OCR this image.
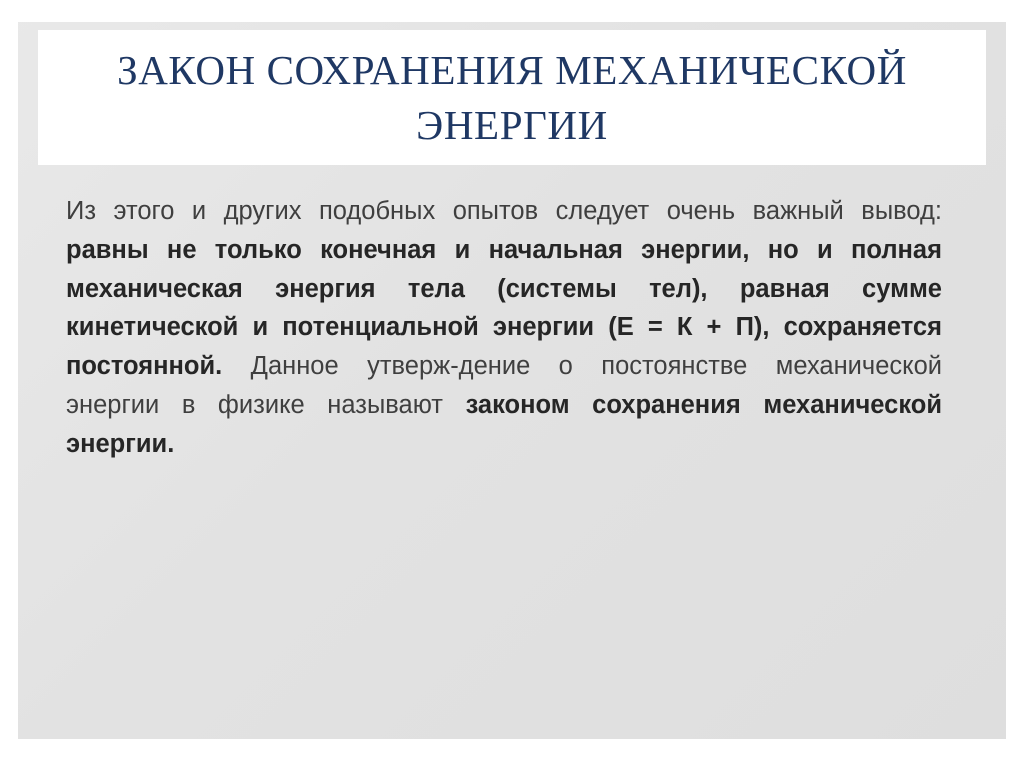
ЗАКОН СОХРАНЕНИЯ МЕХАНИЧЕСКОЙ ЭНЕРГИИ

Из этого и других подобных опытов следует очень важный вывод: равны не только конечная и начальная энергии, но и полная механическая энергия тела (системы тел), равная сумме кинетической и потенциальной энергии (Е = К + П), сохраняется постоянной. Данное утверж-дение о постоянстве механической энергии в физике называют законом сохранения механической энергии.
